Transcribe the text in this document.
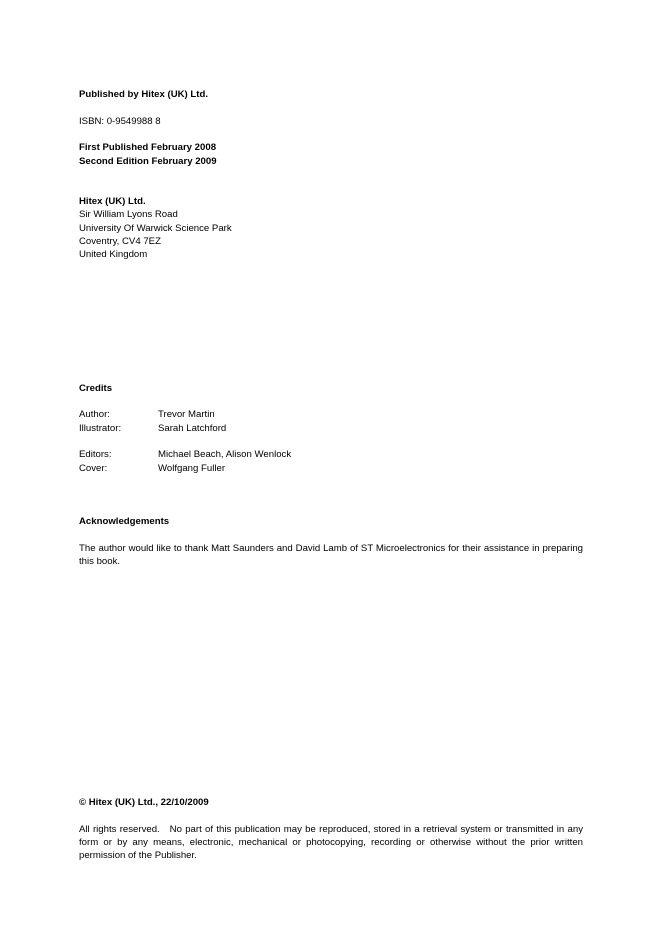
Published by Hitex (UK) Ltd.
ISBN: 0-9549988 8
First Published February 2008
Second Edition February 2009
Hitex (UK) Ltd.
Sir William Lyons Road
University Of Warwick Science Park
Coventry, CV4 7EZ
United Kingdom
Credits
Author:	Trevor Martin
Illustrator:	Sarah Latchford
Editors:	Michael Beach, Alison Wenlock
Cover:	Wolfgang Fuller
Acknowledgements
The author would like to thank Matt Saunders and David Lamb of ST Microelectronics for their assistance in preparing this book.
© Hitex (UK) Ltd., 22/10/2009
All rights reserved.   No part of this publication may be reproduced, stored in a retrieval system or transmitted in any form or by any means, electronic, mechanical or photocopying, recording or otherwise without the prior written permission of the Publisher.
